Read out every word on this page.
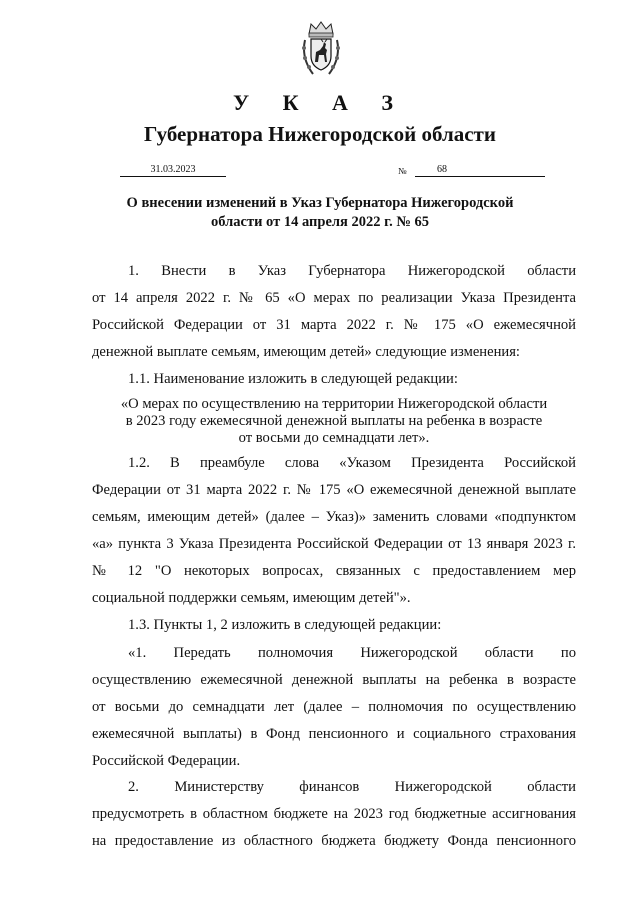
У К А З
Губернатора Нижегородской области
31.03.2023	№	68
О внесении изменений в Указ Губернатора Нижегородской
области от 14 апреля 2022 г. № 65
1. Внести в Указ Губернатора Нижегородской области
от 14 апреля 2022 г. № 65 «О мерах по реализации Указа Президента
Российской Федерации от 31 марта 2022 г. № 175 «О ежемесячной
денежной выплате семьям, имеющим детей» следующие изменения:
1.1. Наименование изложить в следующей редакции:
«О мерах по осуществлению на территории Нижегородской области
в 2023 году ежемесячной денежной выплаты на ребенка в возрасте
от восьми до семнадцати лет».
1.2. В преамбуле слова «Указом Президента Российской
Федерации от 31 марта 2022 г. № 175 «О ежемесячной денежной выплате
семьям, имеющим детей» (далее – Указ)» заменить словами «подпунктом
«а» пункта 3 Указа Президента Российской Федерации от 13 января 2023 г.
№ 12 "О некоторых вопросах, связанных с предоставлением мер
социальной поддержки семьям, имеющим детей"».
1.3. Пункты 1, 2 изложить в следующей редакции:
«1. Передать полномочия Нижегородской области по
осуществлению ежемесячной денежной выплаты на ребенка в возрасте
от восьми до семнадцати лет (далее – полномочия по осуществлению
ежемесячной выплаты) в Фонд пенсионного и социального страхования
Российской Федерации.
2. Министерству финансов Нижегородской области
предусмотреть в областном бюджете на 2023 год бюджетные ассигнования
на предоставление из областного бюджета бюджету Фонда пенсионного
